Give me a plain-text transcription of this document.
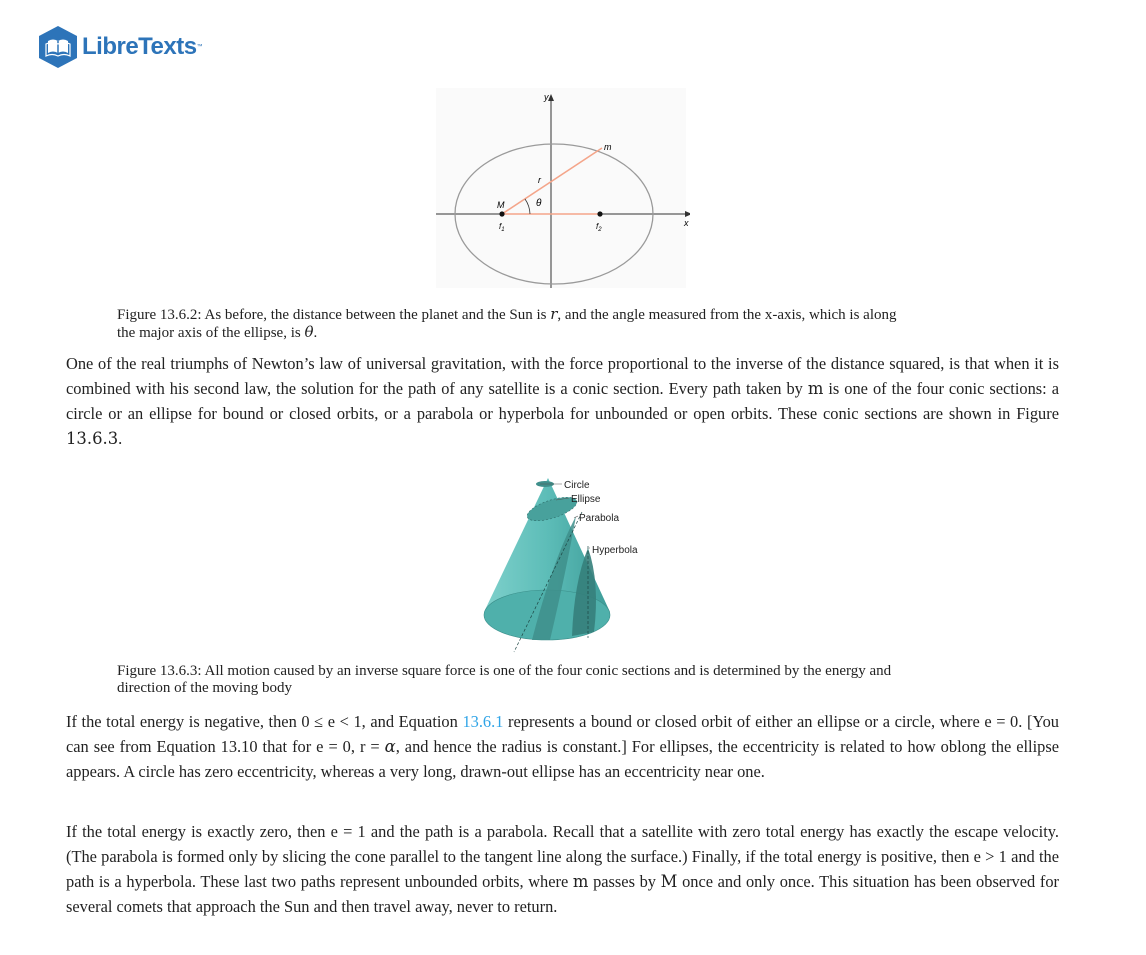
LibreTexts ™
y
x
m
r
θ
M
$f_1$	$f_2$
Figure 13.6.2: As before, the distance between the planet and the Sun is r, and the angle measured from the x-axis, which is along
the major axis of the ellipse, is θ.
One of the real triumphs of Newton’s law of universal gravitation, with the force proportional to the inverse of the distance squared, is that when it is combined with his second law, the solution for the path of any satellite is a conic section. Every path taken by m is one of the four conic sections: a circle or an ellipse for bound or closed orbits, or a parabola or hyperbola for unbounded or open orbits. These conic sections are shown in Figure 13.6.3.
Circle
Ellipse
Parabola
Hyperbola
Figure 13.6.3: All motion caused by an inverse square force is one of the four conic sections and is determined by the energy and
direction of the moving body
If the total energy is negative, then 0 ≤ e < 1, and Equation 13.6.1 represents a bound or closed orbit of either an ellipse or a circle, where e = 0. [You can see from Equation 13.10 that for e = 0, r = α, and hence the radius is constant.] For ellipses, the eccentricity is related to how oblong the ellipse appears. A circle has zero eccentricity, whereas a very long, drawn-out ellipse has an eccentricity near one.
If the total energy is exactly zero, then e = 1 and the path is a parabola. Recall that a satellite with zero total energy has exactly the escape velocity. (The parabola is formed only by slicing the cone parallel to the tangent line along the surface.) Finally, if the total energy is positive, then e > 1 and the path is a hyperbola. These last two paths represent unbounded orbits, where m passes by M once and only once. This situation has been observed for several comets that approach the Sun and then travel away, never to return.
